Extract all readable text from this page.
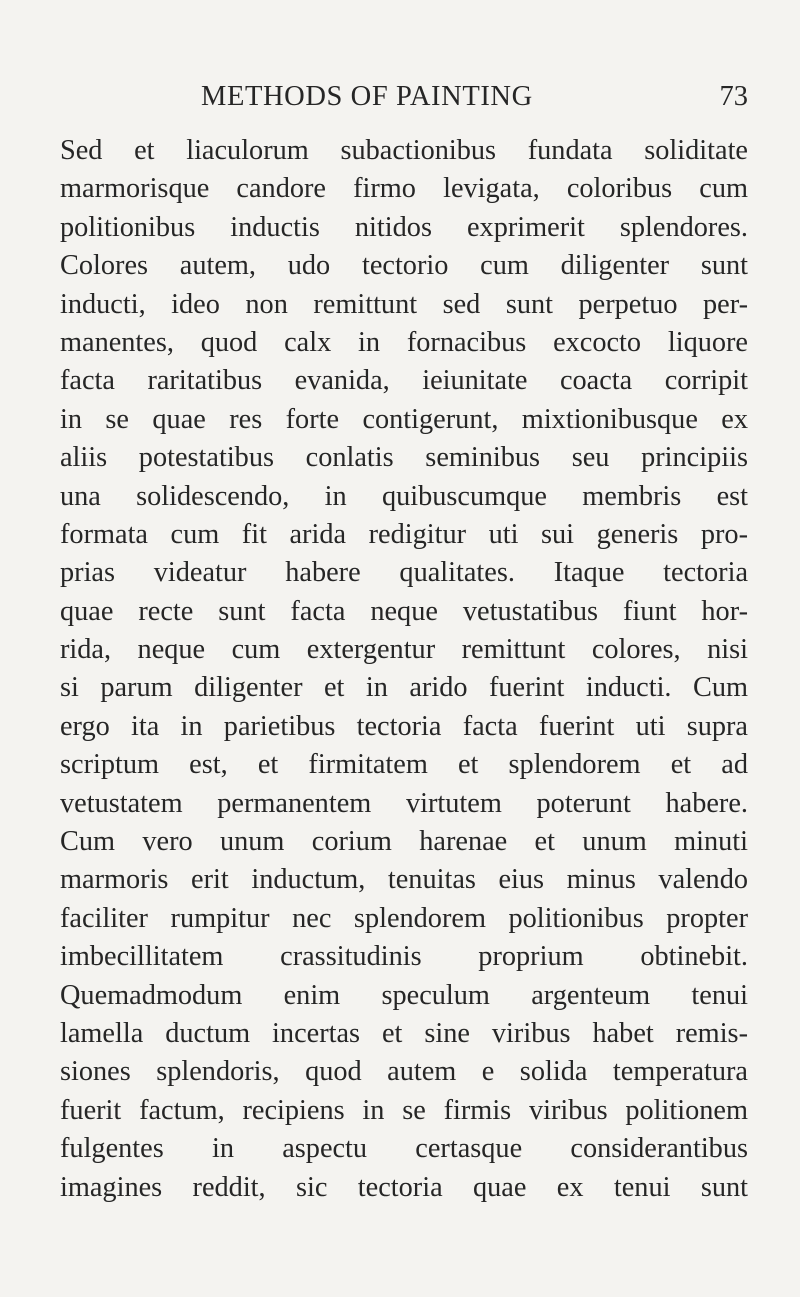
METHODS OF PAINTING	73
Sed et liaculorum subactionibus fundata soliditate
marmorisque candore firmo levigata, coloribus cum
politionibus inductis nitidos exprimerit splendores.
Colores autem, udo tectorio cum diligenter sunt
inducti, ideo non remittunt sed sunt perpetuo per-
manentes, quod calx in fornacibus excocto liquore
facta raritatibus evanida, ieiunitate coacta corripit
in se quae res forte contigerunt, mixtionibusque ex
aliis potestatibus conlatis seminibus seu principiis
una solidescendo, in quibuscumque membris est
formata cum fit arida redigitur uti sui generis pro-
prias videatur habere qualitates. Itaque tectoria
quae recte sunt facta neque vetustatibus fiunt hor-
rida, neque cum extergentur remittunt colores, nisi
si parum diligenter et in arido fuerint inducti. Cum
ergo ita in parietibus tectoria facta fuerint uti supra
scriptum est, et firmitatem et splendorem et ad
vetustatem permanentem virtutem poterunt habere.
Cum vero unum corium harenae et unum minuti
marmoris erit inductum, tenuitas eius minus valendo
faciliter rumpitur nec splendorem politionibus propter
imbecillitatem crassitudinis proprium obtinebit.
Quemadmodum enim speculum argenteum tenui
lamella ductum incertas et sine viribus habet remis-
siones splendoris, quod autem e solida temperatura
fuerit factum, recipiens in se firmis viribus politionem
fulgentes in aspectu certasque considerantibus
imagines reddit, sic tectoria quae ex tenui sunt
